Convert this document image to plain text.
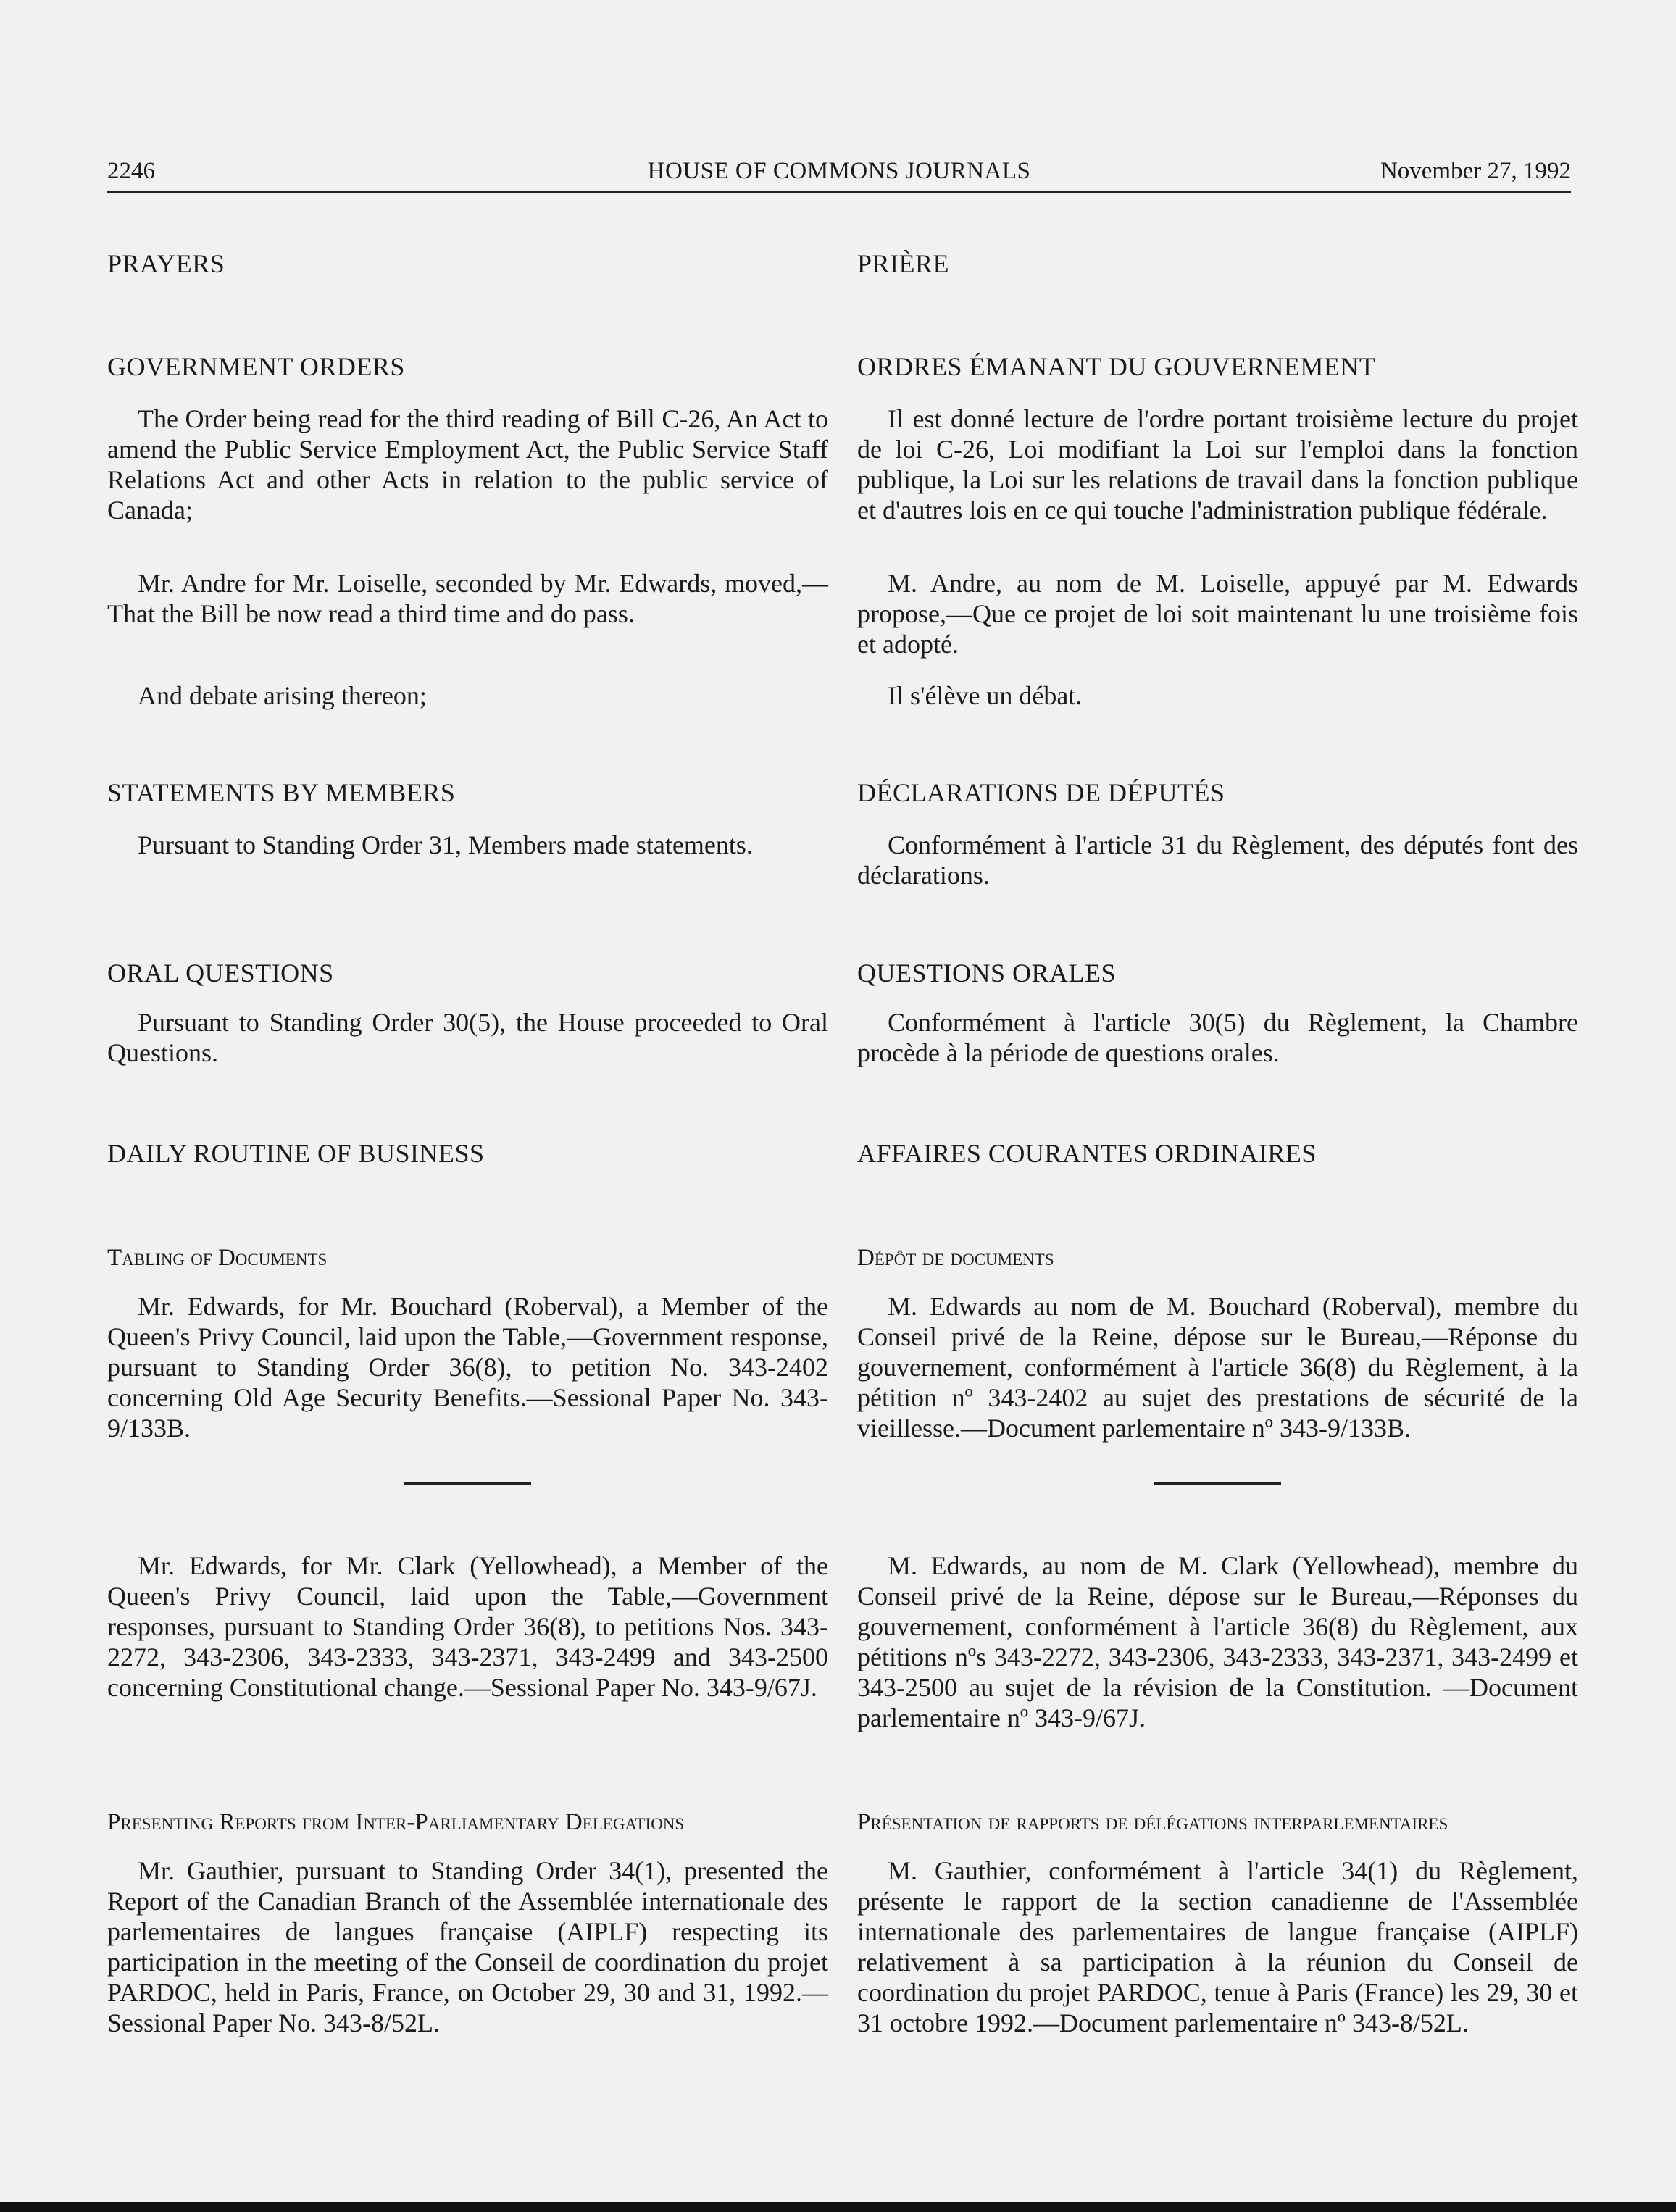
2246	HOUSE OF COMMONS JOURNALS	November 27, 1992

PRAYERS

GOVERNMENT ORDERS

The Order being read for the third reading of Bill C-26, An Act to amend the Public Service Employment Act, the Public Service Staff Relations Act and other Acts in relation to the public service of Canada;

Mr. Andre for Mr. Loiselle, seconded by Mr. Edwards, moved,—That the Bill be now read a third time and do pass.

And debate arising thereon;

STATEMENTS BY MEMBERS

Pursuant to Standing Order 31, Members made statements.

ORAL QUESTIONS

Pursuant to Standing Order 30(5), the House proceeded to Oral Questions.

DAILY ROUTINE OF BUSINESS

Tabling of Documents

Mr. Edwards, for Mr. Bouchard (Roberval), a Member of the Queen's Privy Council, laid upon the Table,—Government response, pursuant to Standing Order 36(8), to petition No. 343-2402 concerning Old Age Security Benefits.—Sessional Paper No. 343-9/133B.

Mr. Edwards, for Mr. Clark (Yellowhead), a Member of the Queen's Privy Council, laid upon the Table,—Government responses, pursuant to Standing Order 36(8), to petitions Nos. 343-2272, 343-2306, 343-2333, 343-2371, 343-2499 and 343-2500 concerning Constitutional change.—Sessional Paper No. 343-9/67J.

Presenting Reports from Inter-Parliamentary Delegations

Mr. Gauthier, pursuant to Standing Order 34(1), presented the Report of the Canadian Branch of the Assemblée internationale des parlementaires de langues française (AIPLF) respecting its participation in the meeting of the Conseil de coordination du projet PARDOC, held in Paris, France, on October 29, 30 and 31, 1992.—Sessional Paper No. 343-8/52L.

PRIÈRE

ORDRES ÉMANANT DU GOUVERNEMENT

Il est donné lecture de l'ordre portant troisième lecture du projet de loi C-26, Loi modifiant la Loi sur l'emploi dans la fonction publique, la Loi sur les relations de travail dans la fonction publique et d'autres lois en ce qui touche l'administration publique fédérale.

M. Andre, au nom de M. Loiselle, appuyé par M. Edwards propose,—Que ce projet de loi soit maintenant lu une troisième fois et adopté.

Il s'élève un débat.

DÉCLARATIONS DE DÉPUTÉS

Conformément à l'article 31 du Règlement, des députés font des déclarations.

QUESTIONS ORALES

Conformément à l'article 30(5) du Règlement, la Chambre procède à la période de questions orales.

AFFAIRES COURANTES ORDINAIRES

Dépôt de documents

M. Edwards au nom de M. Bouchard (Roberval), membre du Conseil privé de la Reine, dépose sur le Bureau,—Réponse du gouvernement, conformément à l'article 36(8) du Règlement, à la pétition nº 343-2402 au sujet des prestations de sécurité de la vieillesse.—Document parlementaire nº 343-9/133B.

M. Edwards, au nom de M. Clark (Yellowhead), membre du Conseil privé de la Reine, dépose sur le Bureau,—Réponses du gouvernement, conformément à l'article 36(8) du Règlement, aux pétitions nºs 343-2272, 343-2306, 343-2333, 343-2371, 343-2499 et 343-2500 au sujet de la révision de la Constitution. —Document parlementaire nº 343-9/67J.

Présentation de rapports de délégations interparlementaires

M. Gauthier, conformément à l'article 34(1) du Règlement, présente le rapport de la section canadienne de l'Assemblée internationale des parlementaires de langue française (AIPLF) relativement à sa participation à la réunion du Conseil de coordination du projet PARDOC, tenue à Paris (France) les 29, 30 et 31 octobre 1992.—Document parlementaire nº 343-8/52L.
